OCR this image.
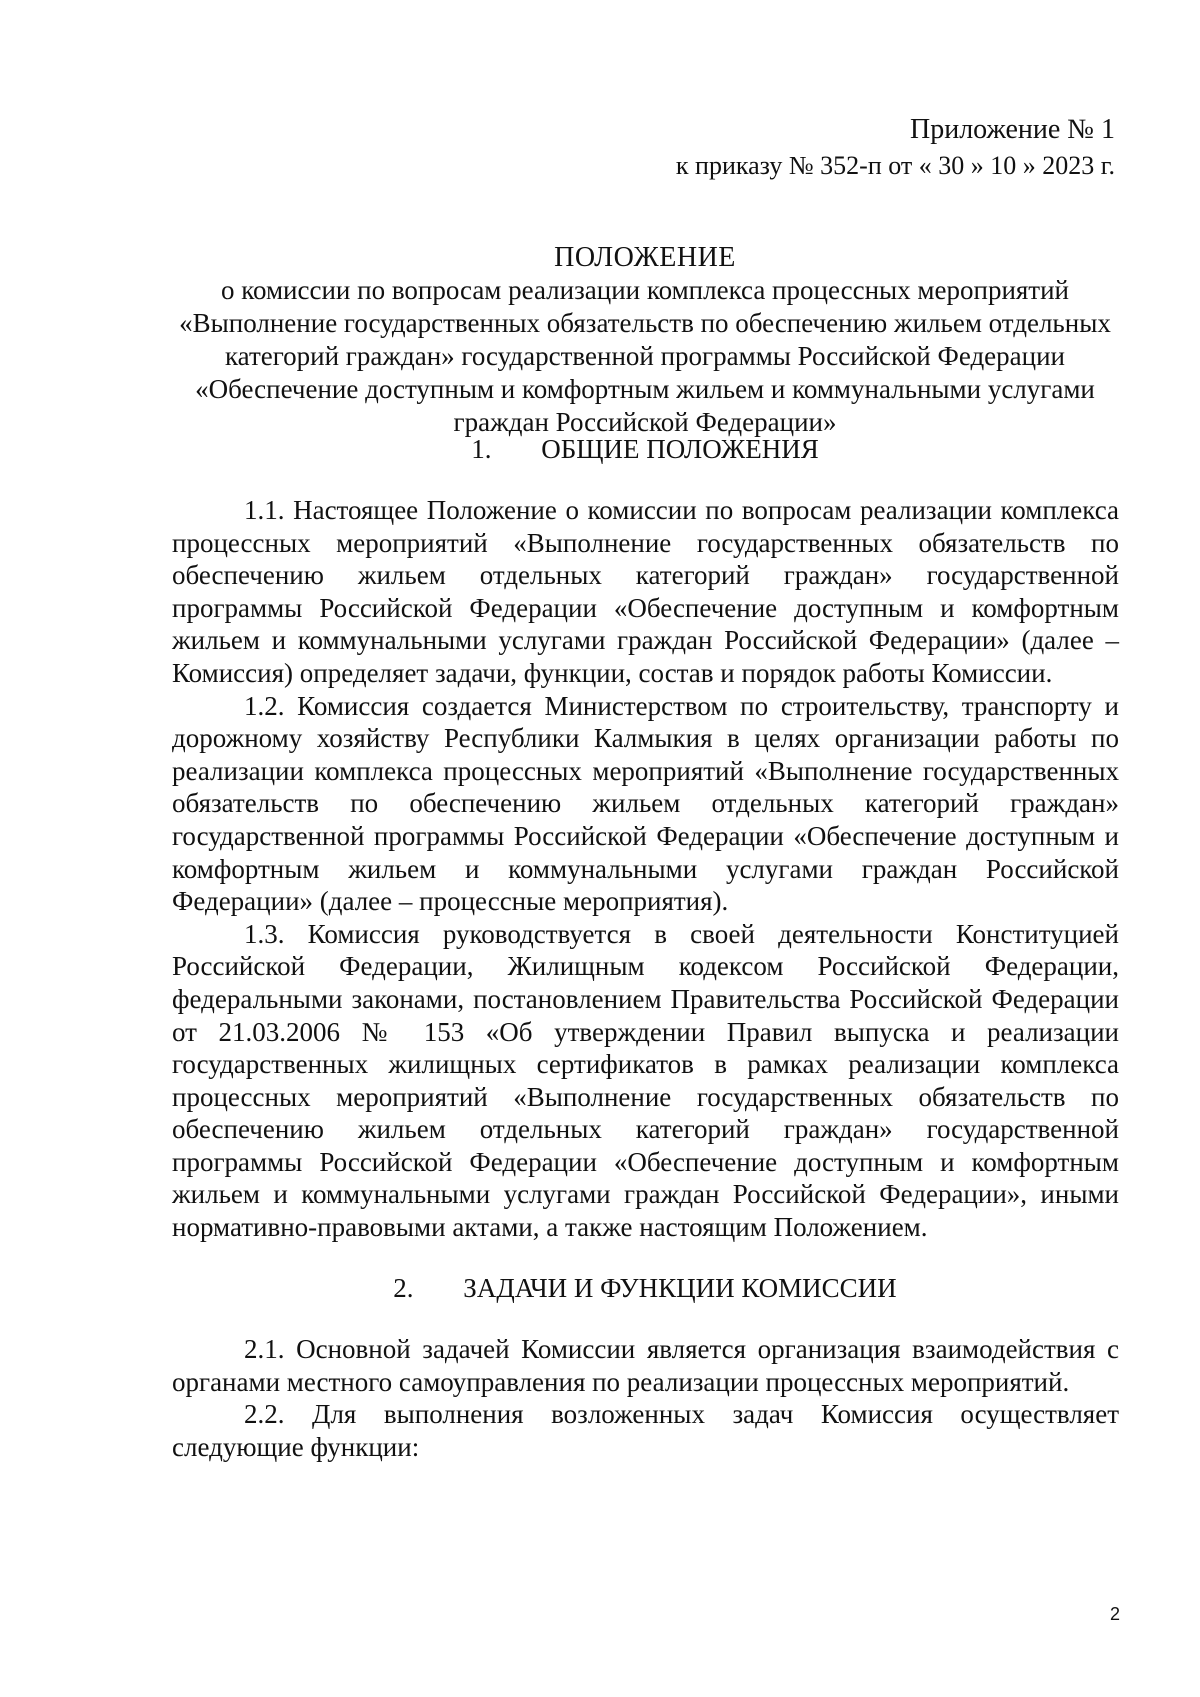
Приложение № 1
к приказу № 352-п от « 30 » 10 » 2023 г.
ПОЛОЖЕНИЕ
о комиссии по вопросам реализации комплекса процессных мероприятий «Выполнение государственных обязательств по обеспечению жильем отдельных категорий граждан» государственной программы Российской Федерации «Обеспечение доступным и комфортным жильем и коммунальными услугами граждан Российской Федерации»
1. ОБЩИЕ ПОЛОЖЕНИЯ

1.1. Настоящее Положение о комиссии по вопросам реализации комплекса процессных мероприятий «Выполнение государственных обязательств по обеспечению жильем отдельных категорий граждан» государственной программы Российской Федерации «Обеспечение доступным и комфортным жильем и коммунальными услугами граждан Российской Федерации» (далее – Комиссия) определяет задачи, функции, состав и порядок работы Комиссии.

1.2. Комиссия создается Министерством по строительству, транспорту и дорожному хозяйству Республики Калмыкия в целях организации работы по реализации комплекса процессных мероприятий «Выполнение государственных обязательств по обеспечению жильем отдельных категорий граждан» государственной программы Российской Федерации «Обеспечение доступным и комфортным жильем и коммунальными услугами граждан Российской Федерации» (далее – процессные мероприятия).

1.3. Комиссия руководствуется в своей деятельности Конституцией Российской Федерации, Жилищным кодексом Российской Федерации, федеральными законами, постановлением Правительства Российской Федерации от 21.03.2006 № 153 «Об утверждении Правил выпуска и реализации государственных жилищных сертификатов в рамках реализации комплекса процессных мероприятий «Выполнение государственных обязательств по обеспечению жильем отдельных категорий граждан» государственной программы Российской Федерации «Обеспечение доступным и комфортным жильем и коммунальными услугами граждан Российской Федерации», иными нормативно-правовыми актами, а также настоящим Положением.

2. ЗАДАЧИ И ФУНКЦИИ КОМИССИИ

2.1. Основной задачей Комиссии является организация взаимодействия с органами местного самоуправления по реализации процессных мероприятий.

2.2. Для выполнения возложенных задач Комиссия осуществляет следующие функции:

2
